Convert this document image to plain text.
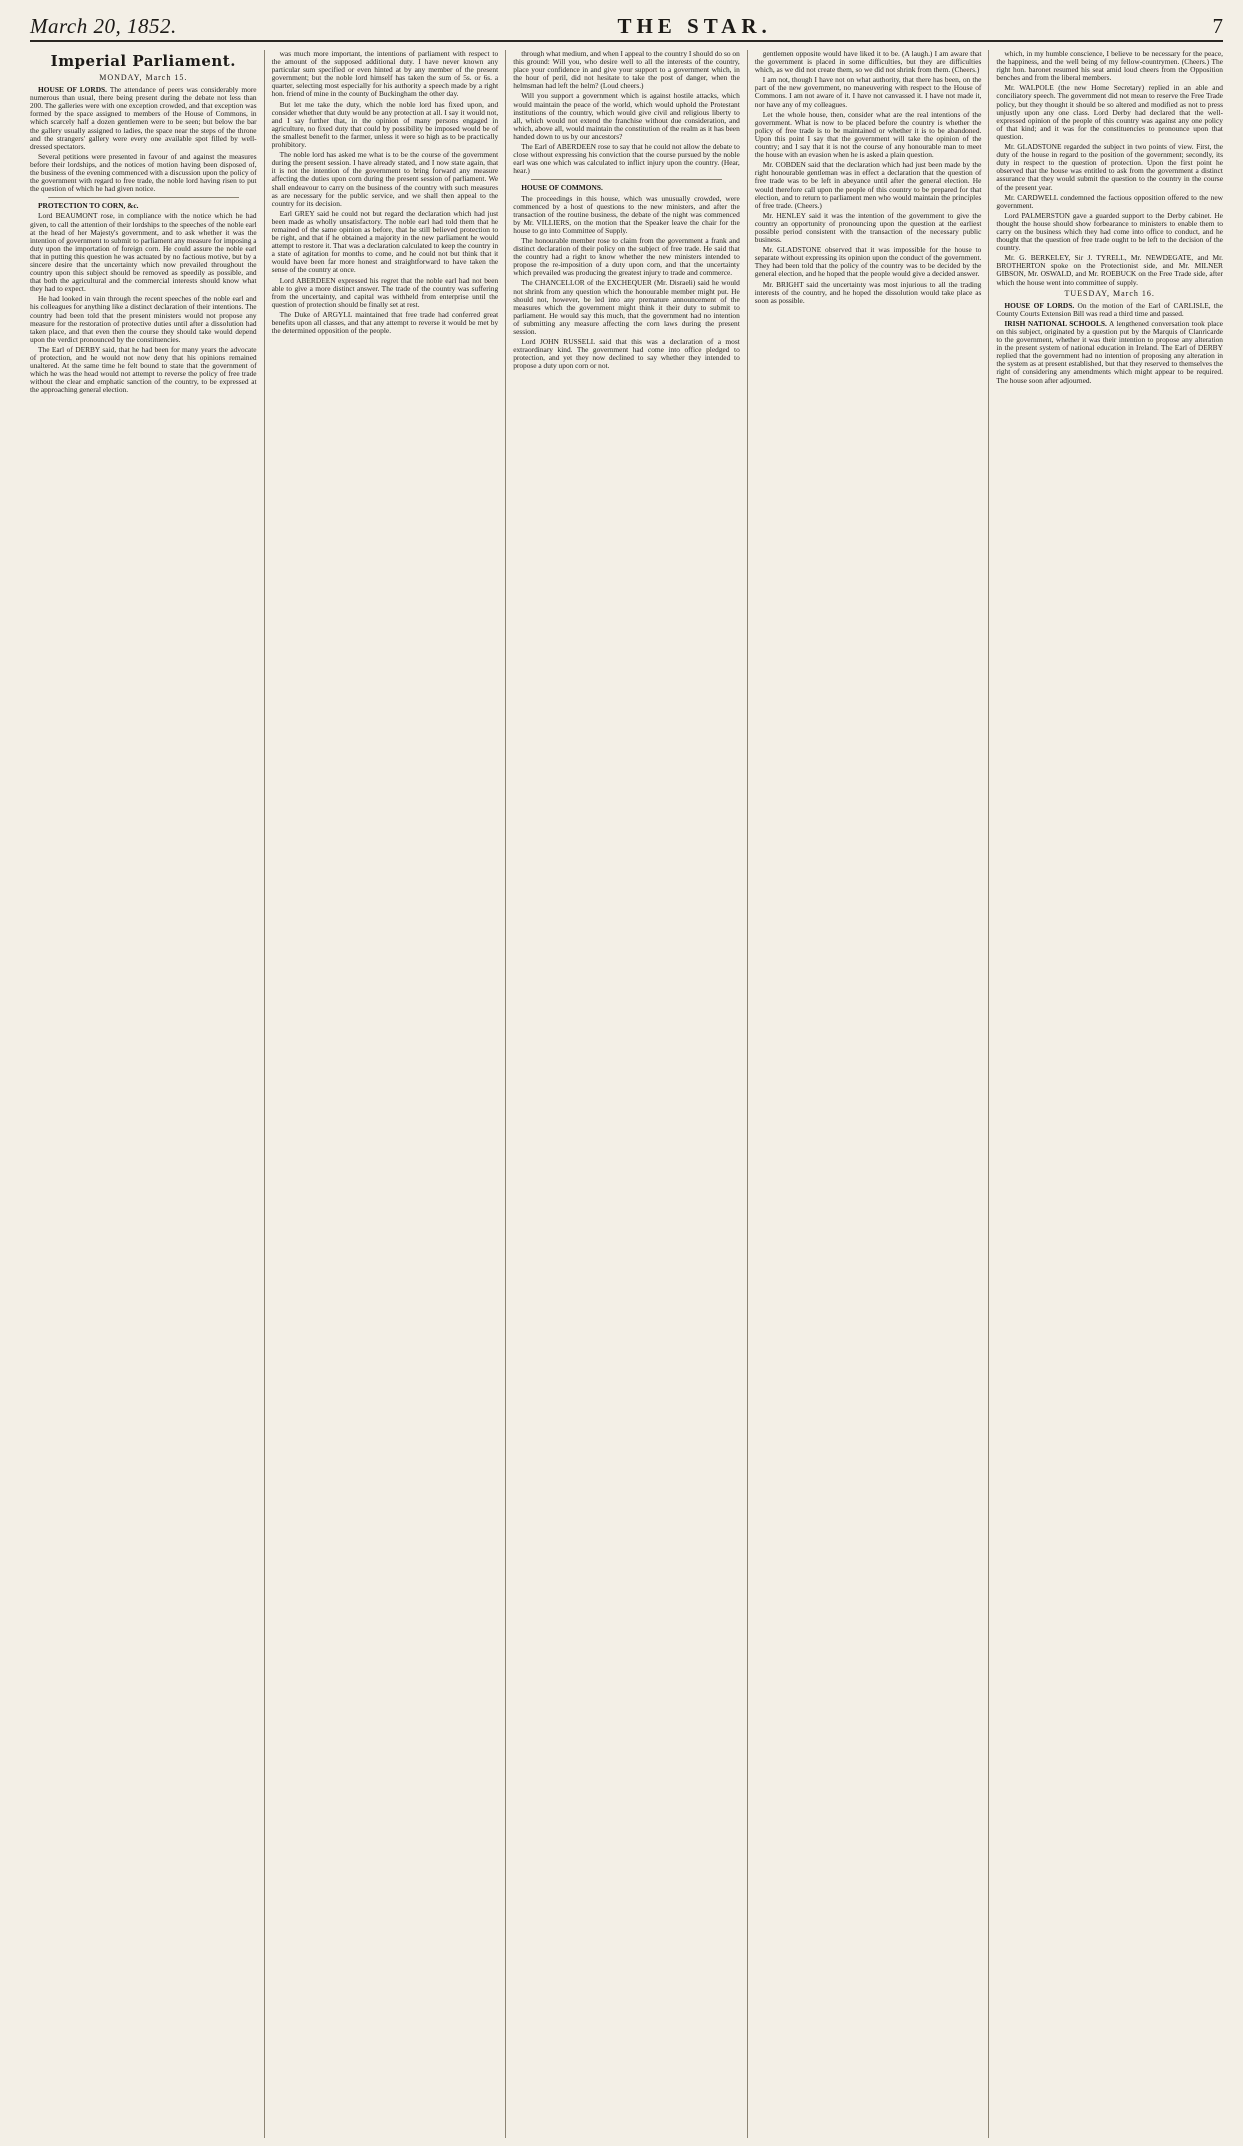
March 20, 1852.	THE STAR.	7
Imperial Parliament.
MONDAY, March 15.

HOUSE OF LORDS. The attendance of peers was considerably more numerous than usual, there being present during the debate not less than 200. The galleries were with one exception crowded, and that exception was formed by the space assigned to members of the House of Commons, in which scarcely half a dozen gentlemen were to be seen; but below the bar the gallery usually assigned to ladies, the space near the steps of the throne and the strangers' gallery were every one available spot filled by well-dressed spectators.

Several petitions were presented in favour of and against the measures before their lordships, and the notices of motion having been disposed of, the business of the evening commenced with a discussion upon the policy of the government with regard to free trade, the noble lord having risen to put the question of which he had given notice.

PROTECTION TO CORN, &c.

Lord BEAUMONT rose, in compliance with the notice which he had given, to call the attention of their lordships to the speeches of the noble earl at the head of her Majesty's government, and to ask whether it was the intention of government to submit to parliament any measure for imposing a duty upon the importation of foreign corn. He could assure the noble earl that in putting this question he was actuated by no factious motive, but by a sincere desire that the uncertainty which now prevailed throughout the country upon this subject should be removed as speedily as possible, and that both the agricultural and the commercial interests should know what they had to expect.

He had looked in vain through the recent speeches of the noble earl and his colleagues for anything like a distinct declaration of their intentions. The country had been told that the present ministers would not propose any measure for the restoration of protective duties until after a dissolution had taken place, and that even then the course they should take would depend upon the verdict pronounced by the constituencies.

The Earl of DERBY said, that he had been for many years the advocate of protection, and he would not now deny that his opinions remained unaltered. At the same time he felt bound to state that the government of which he was the head would not attempt to reverse the policy of free trade without the clear and emphatic sanction of the country, to be expressed at the approaching general election.

was much more important, the intentions of parliament with respect to the amount of the supposed additional duty. I have never known any particular sum specified or even hinted at by any member of the present government; but the noble lord himself has taken the sum of 5s. or 6s. a quarter, selecting most especially for his authority a speech made by a right hon. friend of mine in the county of Buckingham the other day.

But let me take the duty, which the noble lord has fixed upon, and consider whether that duty would be any protection at all. I say it would not, and I say further that, in the opinion of many persons engaged in agriculture, no fixed duty that could by possibility be imposed would be of the smallest benefit to the farmer, unless it were so high as to be practically prohibitory.

The noble lord has asked me what is to be the course of the government during the present session. I have already stated, and I now state again, that it is not the intention of the government to bring forward any measure affecting the duties upon corn during the present session of parliament. We shall endeavour to carry on the business of the country with such measures as are necessary for the public service, and we shall then appeal to the country for its decision.

Earl GREY said he could not but regard the declaration which had just been made as wholly unsatisfactory. The noble earl had told them that he remained of the same opinion as before, that he still believed protection to be right, and that if he obtained a majority in the new parliament he would attempt to restore it. That was a declaration calculated to keep the country in a state of agitation for months to come, and he could not but think that it would have been far more honest and straightforward to have taken the sense of the country at once.

Lord ABERDEEN expressed his regret that the noble earl had not been able to give a more distinct answer. The trade of the country was suffering from the uncertainty, and capital was withheld from enterprise until the question of protection should be finally set at rest.

The Duke of ARGYLL maintained that free trade had conferred great benefits upon all classes, and that any attempt to reverse it would be met by the determined opposition of the people.

through what medium, and when I appeal to the country I should do so on this ground: Will you, who desire well to all the interests of the country, place your confidence in and give your support to a government which, in the hour of peril, did not hesitate to take the post of danger, when the helmsman had left the helm? (Loud cheers.)

Will you support a government which is against hostile attacks, which would maintain the peace of the world, which would uphold the Protestant institutions of the country, which would give civil and religious liberty to all, which would not extend the franchise without due consideration, and which, above all, would maintain the constitution of the realm as it has been handed down to us by our ancestors?

The Earl of ABERDEEN rose to say that he could not allow the debate to close without expressing his conviction that the course pursued by the noble earl was one which was calculated to inflict injury upon the country. (Hear, hear.)

HOUSE OF COMMONS.

The proceedings in this house, which was unusually crowded, were commenced by a host of questions to the new ministers, and after the transaction of the routine business, the debate of the night was commenced by Mr. VILLIERS, on the motion that the Speaker leave the chair for the house to go into Committee of Supply.

The honourable member rose to claim from the government a frank and distinct declaration of their policy on the subject of free trade. He said that the country had a right to know whether the new ministers intended to propose the re-imposition of a duty upon corn, and that the uncertainty which prevailed was producing the greatest injury to trade and commerce.

The CHANCELLOR of the EXCHEQUER (Mr. Disraeli) said he would not shrink from any question which the honourable member might put. He should not, however, be led into any premature announcement of the measures which the government might think it their duty to submit to parliament. He would say this much, that the government had no intention of submitting any measure affecting the corn laws during the present session.

Lord JOHN RUSSELL said that this was a declaration of a most extraordinary kind. The government had come into office pledged to protection, and yet they now declined to say whether they intended to propose a duty upon corn or not.

gentlemen opposite would have liked it to be. (A laugh.) I am aware that the government is placed in some difficulties, but they are difficulties which, as we did not create them, so we did not shrink from them. (Cheers.)

I am not, though I have not on what authority, that there has been, on the part of the new government, no maneuvering with respect to the House of Commons. I am not aware of it. I have not canvassed it. I have not made it, nor have any of my colleagues.

Let the whole house, then, consider what are the real intentions of the government. What is now to be placed before the country is whether the policy of free trade is to be maintained or whether it is to be abandoned. Upon this point I say that the government will take the opinion of the country; and I say that it is not the course of any honourable man to meet the house with an evasion when he is asked a plain question.

Mr. COBDEN said that the declaration which had just been made by the right honourable gentleman was in effect a declaration that the question of free trade was to be left in abeyance until after the general election. He would therefore call upon the people of this country to be prepared for that election, and to return to parliament men who would maintain the principles of free trade. (Cheers.)

Mr. HENLEY said it was the intention of the government to give the country an opportunity of pronouncing upon the question at the earliest possible period consistent with the transaction of the necessary public business.

Mr. GLADSTONE observed that it was impossible for the house to separate without expressing its opinion upon the conduct of the government. They had been told that the policy of the country was to be decided by the general election, and he hoped that the people would give a decided answer.

Mr. BRIGHT said the uncertainty was most injurious to all the trading interests of the country, and he hoped the dissolution would take place as soon as possible.

which, in my humble conscience, I believe to be necessary for the peace, the happiness, and the well being of my fellow-countrymen. (Cheers.) The right hon. baronet resumed his seat amid loud cheers from the Opposition benches and from the liberal members.

Mr. WALPOLE (the new Home Secretary) replied in an able and conciliatory speech. The government did not mean to reserve the Free Trade policy, but they thought it should be so altered and modified as not to press unjustly upon any one class. Lord Derby had declared that the well-expressed opinion of the people of this country was against any one policy of that kind; and it was for the constituencies to pronounce upon that question.

Mr. GLADSTONE regarded the subject in two points of view. First, the duty of the house in regard to the position of the government; secondly, its duty in respect to the question of protection. Upon the first point he observed that the house was entitled to ask from the government a distinct assurance that they would submit the question to the country in the course of the present year.

Mr. CARDWELL condemned the factious opposition offered to the new government.

Lord PALMERSTON gave a guarded support to the Derby cabinet. He thought the house should show forbearance to ministers to enable them to carry on the business which they had come into office to conduct, and he thought that the question of free trade ought to be left to the decision of the country.

Mr. G. BERKELEY, Sir J. TYRELL, Mr. NEWDEGATE, and Mr. BROTHERTON spoke on the Protectionist side, and Mr. MILNER GIBSON, Mr. OSWALD, and Mr. ROEBUCK on the Free Trade side, after which the house went into committee of supply.

TUESDAY, March 16.

HOUSE OF LORDS. On the motion of the Earl of CARLISLE, the County Courts Extension Bill was read a third time and passed.

IRISH NATIONAL SCHOOLS. A lengthened conversation took place on this subject, originated by a question put by the Marquis of Clanricarde to the government, whether it was their intention to propose any alteration in the present system of national education in Ireland. The Earl of DERBY replied that the government had no intention of proposing any alteration in the system as at present established, but that they reserved to themselves the right of considering any amendments which might appear to be required. The house soon after adjourned.
